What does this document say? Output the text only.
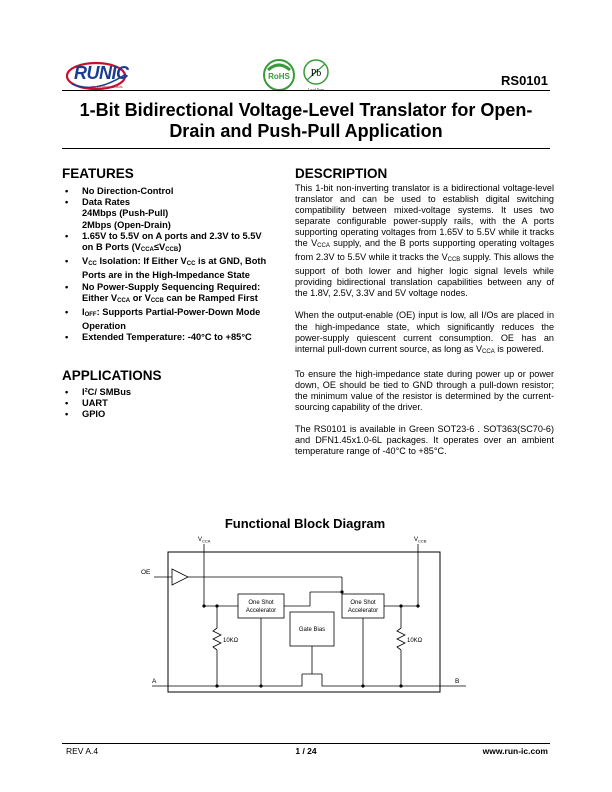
RUNIC
Innovation Builds
RoHS Pb
Lead Free
RS0101
1-Bit Bidirectional Voltage-Level Translator for Open-
Drain and Push-Pull Application
FEATURES
• No Direction-Control
• Data Rates
24Mbps (Push-Pull)
2Mbps (Open-Drain)
• 1.65V to 5.5V on A ports and 2.3V to 5.5V
on B Ports (VCCA≤VCCB)
• VCC Isolation: If Either VCC is at GND, Both
Ports are in the High-Impedance State
• No Power-Supply Sequencing Required:
Either VCCA or VCCB can be Ramped First
• IOFF: Supports Partial-Power-Down Mode
Operation
• Extended Temperature: -40°C to +85°C
APPLICATIONS
• I²C/ SMBus
• UART
• GPIO
DESCRIPTION

This 1-bit non-inverting translator is a bidirectional voltage-level translator and can be used to establish digital switching compatibility between mixed-voltage systems. It uses two separate configurable power-supply rails, with the A ports supporting operating voltages from 1.65V to 5.5V while it tracks the VCCA supply, and the B ports supporting operating voltages from 2.3V to 5.5V while it tracks the VCCB supply. This allows the support of both lower and higher logic signal levels while providing bidirectional translation capabilities between any of the 1.8V, 2.5V, 3.3V and 5V voltage nodes.

When the output-enable (OE) input is low, all I/Os are placed in the high-impedance state, which significantly reduces the power-supply quiescent current consumption. OE has an internal pull-down current source, as long as VCCA is powered.

To ensure the high-impedance state during power up or power down, OE should be tied to GND through a pull-down resistor; the minimum value of the resistor is determined by the current-sourcing capability of the driver.

The RS0101 is available in Green SOT23-6 . SOT363(SC70-6) and DFN1.45x1.0-6L packages. It operates over an ambient temperature range of -40°C to +85°C.

Functional Block Diagram
$V_{CCA}$	$V_{CCB}$
OE
One Shot
Accelerator
One Shot
Accelerator
Gate Bias
10KΩ	10KΩ
A	B
REV A.4	1 / 24	www.run-ic.com
